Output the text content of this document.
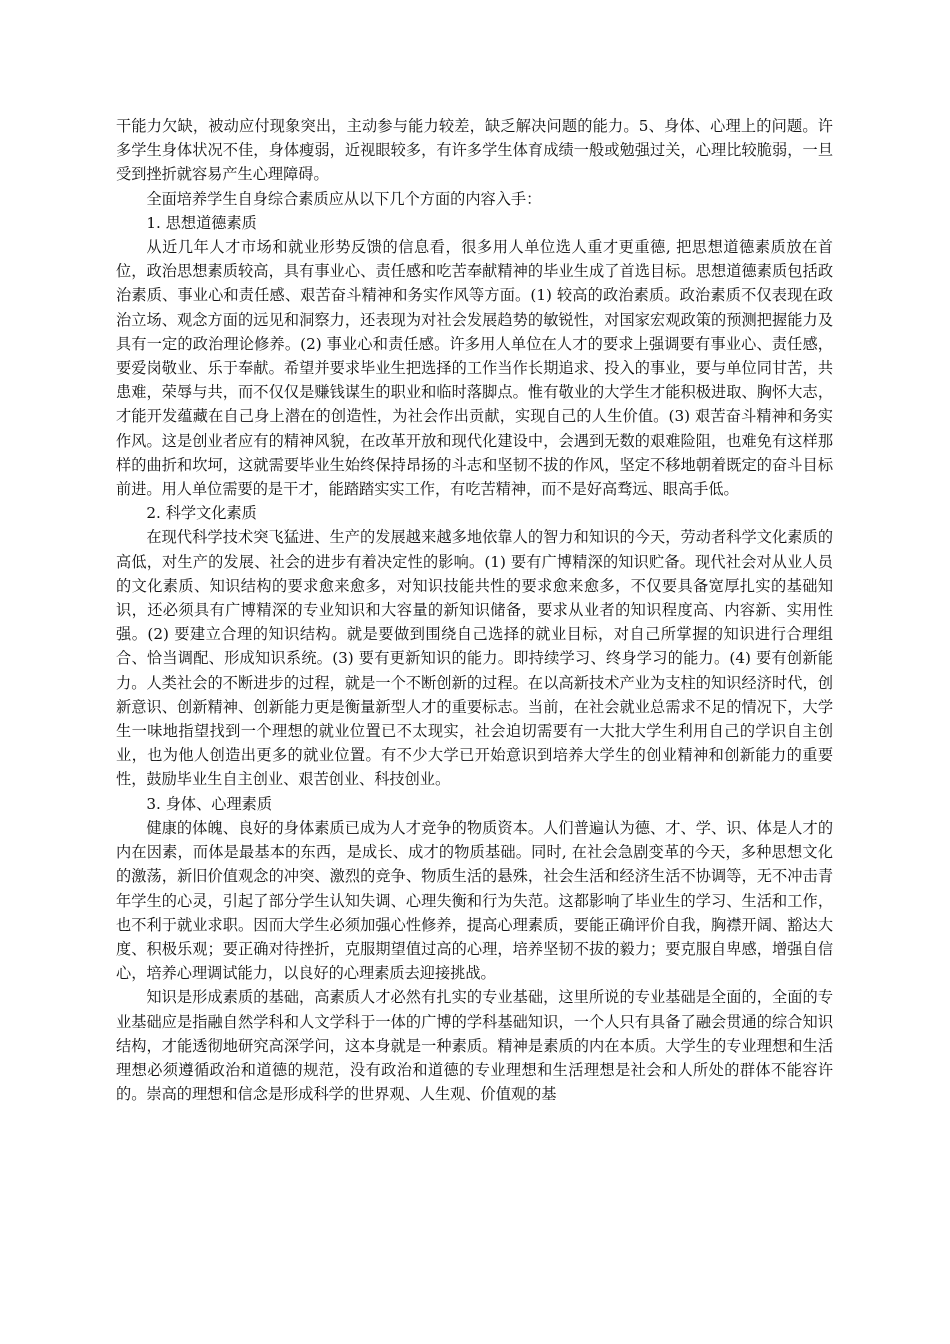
干能力欠缺，被动应付现象突出，主动参与能力较差，缺乏解决问题的能力。5、身体、心理上的问题。许多学生身体状况不佳，身体瘦弱，近视眼较多，有许多学生体育成绩一般或勉强过关，心理比较脆弱，一旦受到挫折就容易产生心理障碍。

全面培养学生自身综合素质应从以下几个方面的内容入手：

1. 思想道德素质

从近几年人才市场和就业形势反馈的信息看，很多用人单位选人重才更重德, 把思想道德素质放在首位，政治思想素质较高，具有事业心、责任感和吃苦奉献精神的毕业生成了首选目标。思想道德素质包括政治素质、事业心和责任感、艰苦奋斗精神和务实作风等方面。(1) 较高的政治素质。政治素质不仅表现在政治立场、观念方面的远见和洞察力，还表现为对社会发展趋势的敏锐性，对国家宏观政策的预测把握能力及具有一定的政治理论修养。(2) 事业心和责任感。许多用人单位在人才的要求上强调要有事业心、责任感，要爱岗敬业、乐于奉献。希望并要求毕业生把选择的工作当作长期追求、投入的事业，要与单位同甘苦，共患难，荣辱与共，而不仅仅是赚钱谋生的职业和临时落脚点。惟有敬业的大学生才能积极进取、胸怀大志，才能开发蕴藏在自己身上潜在的创造性，为社会作出贡献，实现自己的人生价值。(3) 艰苦奋斗精神和务实作风。这是创业者应有的精神风貌，在改革开放和现代化建设中，会遇到无数的艰难险阻，也难免有这样那样的曲折和坎坷，这就需要毕业生始终保持昂扬的斗志和坚韧不拔的作风，坚定不移地朝着既定的奋斗目标前进。用人单位需要的是干才，能踏踏实实工作，有吃苦精神，而不是好高骛远、眼高手低。

2. 科学文化素质

在现代科学技术突飞猛进、生产的发展越来越多地依靠人的智力和知识的今天，劳动者科学文化素质的高低，对生产的发展、社会的进步有着决定性的影响。(1) 要有广博精深的知识贮备。现代社会对从业人员的文化素质、知识结构的要求愈来愈多，对知识技能共性的要求愈来愈多，不仅要具备宽厚扎实的基础知识，还必须具有广博精深的专业知识和大容量的新知识储备，要求从业者的知识程度高、内容新、实用性强。(2) 要建立合理的知识结构。就是要做到围绕自己选择的就业目标，对自己所掌握的知识进行合理组合、恰当调配、形成知识系统。(3) 要有更新知识的能力。即持续学习、终身学习的能力。(4) 要有创新能力。人类社会的不断进步的过程，就是一个不断创新的过程。在以高新技术产业为支柱的知识经济时代，创新意识、创新精神、创新能力更是衡量新型人才的重要标志。当前，在社会就业总需求不足的情况下，大学生一味地指望找到一个理想的就业位置已不太现实，社会迫切需要有一大批大学生利用自己的学识自主创业，也为他人创造出更多的就业位置。有不少大学已开始意识到培养大学生的创业精神和创新能力的重要性，鼓励毕业生自主创业、艰苦创业、科技创业。

3. 身体、心理素质

健康的体魄、良好的身体素质已成为人才竞争的物质资本。人们普遍认为德、才、学、识、体是人才的内在因素，而体是最基本的东西，是成长、成才的物质基础。同时, 在社会急剧变革的今天，多种思想文化的激荡，新旧价值观念的冲突、激烈的竞争、物质生活的悬殊，社会生活和经济生活不协调等，无不冲击青年学生的心灵，引起了部分学生认知失调、心理失衡和行为失范。这都影响了毕业生的学习、生活和工作，也不利于就业求职。因而大学生必须加强心性修养，提高心理素质，要能正确评价自我，胸襟开阔、豁达大度、积极乐观；要正确对待挫折，克服期望值过高的心理，培养坚韧不拔的毅力；要克服自卑感，增强自信心，培养心理调试能力，以良好的心理素质去迎接挑战。

知识是形成素质的基础，高素质人才必然有扎实的专业基础，这里所说的专业基础是全面的，全面的专业基础应是指融自然学科和人文学科于一体的广博的学科基础知识，一个人只有具备了融会贯通的综合知识结构，才能透彻地研究高深学问，这本身就是一种素质。精神是素质的内在本质。大学生的专业理想和生活理想必须遵循政治和道德的规范，没有政治和道德的专业理想和生活理想是社会和人所处的群体不能容许的。崇高的理想和信念是形成科学的世界观、人生观、价值观的基
